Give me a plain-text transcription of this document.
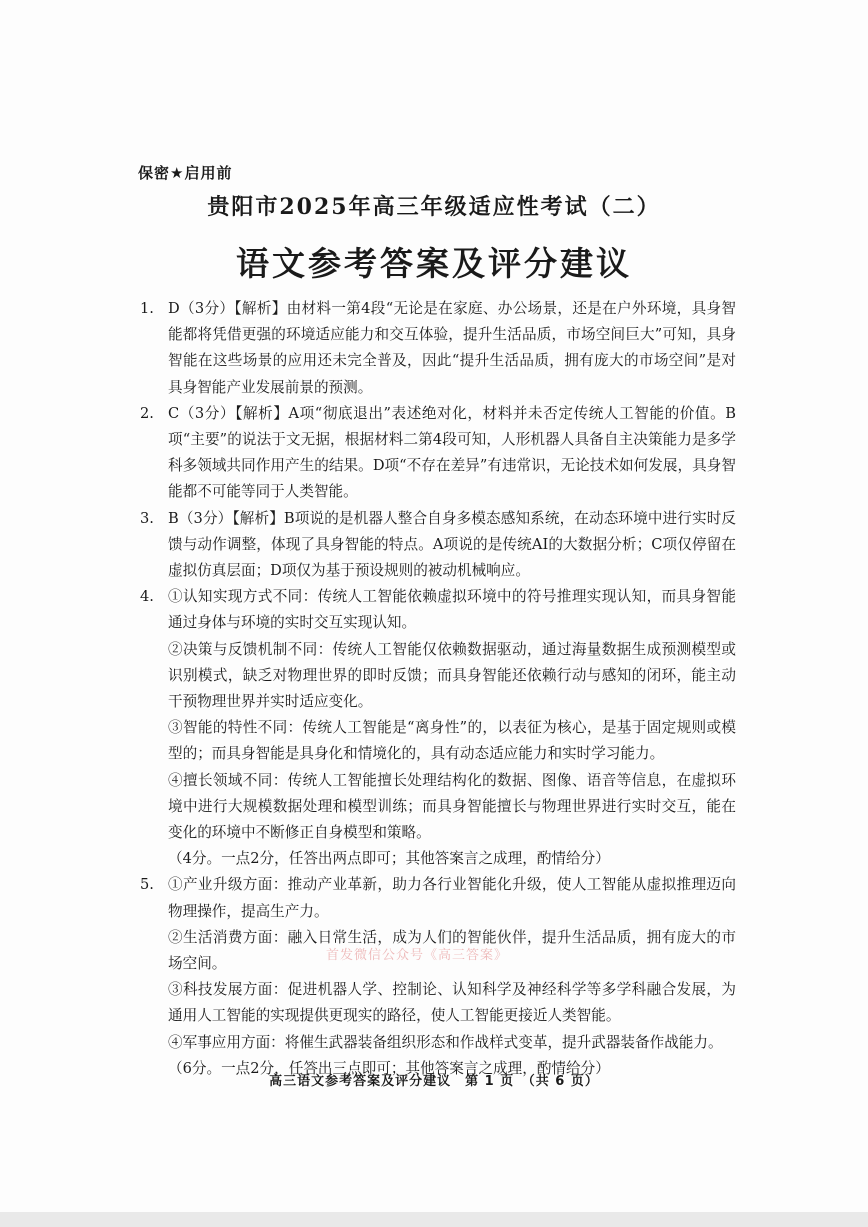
保密★启用前
贵阳市2025年高三年级适应性考试（二）
语文参考答案及评分建议
1. D（3分）【解析】由材料一第4段“无论是在家庭、办公场景，还是在户外环境，具身智能都将凭借更强的环境适应能力和交互体验，提升生活品质，市场空间巨大”可知，具身智能在这些场景的应用还未完全普及，因此“提升生活品质，拥有庞大的市场空间”是对具身智能产业发展前景的预测。

2. C（3分）【解析】A项“彻底退出”表述绝对化，材料并未否定传统人工智能的价值。B项“主要”的说法于文无据，根据材料二第4段可知，人形机器人具备自主决策能力是多学科多领域共同作用产生的结果。D项“不存在差异”有违常识，无论技术如何发展，具身智能都不可能等同于人类智能。

3. B（3分）【解析】B项说的是机器人整合自身多模态感知系统，在动态环境中进行实时反馈与动作调整，体现了具身智能的特点。A项说的是传统AI的大数据分析；C项仅停留在虚拟仿真层面；D项仅为基于预设规则的被动机械响应。

4. ①认知实现方式不同：传统人工智能依赖虚拟环境中的符号推理实现认知，而具身智能通过身体与环境的实时交互实现认知。

②决策与反馈机制不同：传统人工智能仅依赖数据驱动，通过海量数据生成预测模型或识别模式，缺乏对物理世界的即时反馈；而具身智能还依赖行动与感知的闭环，能主动干预物理世界并实时适应变化。

③智能的特性不同：传统人工智能是“离身性”的，以表征为核心，是基于固定规则或模型的；而具身智能是具身化和情境化的，具有动态适应能力和实时学习能力。

④擅长领域不同：传统人工智能擅长处理结构化的数据、图像、语音等信息，在虚拟环境中进行大规模数据处理和模型训练；而具身智能擅长与物理世界进行实时交互，能在变化的环境中不断修正自身模型和策略。

（4分。一点2分，任答出两点即可；其他答案言之成理，酌情给分）

5. ①产业升级方面：推动产业革新，助力各行业智能化升级，使人工智能从虚拟推理迈向物理操作，提高生产力。

②生活消费方面：融入日常生活，成为人们的智能伙伴，提升生活品质，拥有庞大的市场空间。

③科技发展方面：促进机器人学、控制论、认知科学及神经科学等多学科融合发展，为通用人工智能的实现提供更现实的路径，使人工智能更接近人类智能。

④军事应用方面：将催生武器装备组织形态和作战样式变革，提升武器装备作战能力。

（6分。一点2分，任答出三点即可；其他答案言之成理，酌情给分）

首发微信公众号《高三答案》
高三语文参考答案及评分建议　第 1 页　（共 6 页）
